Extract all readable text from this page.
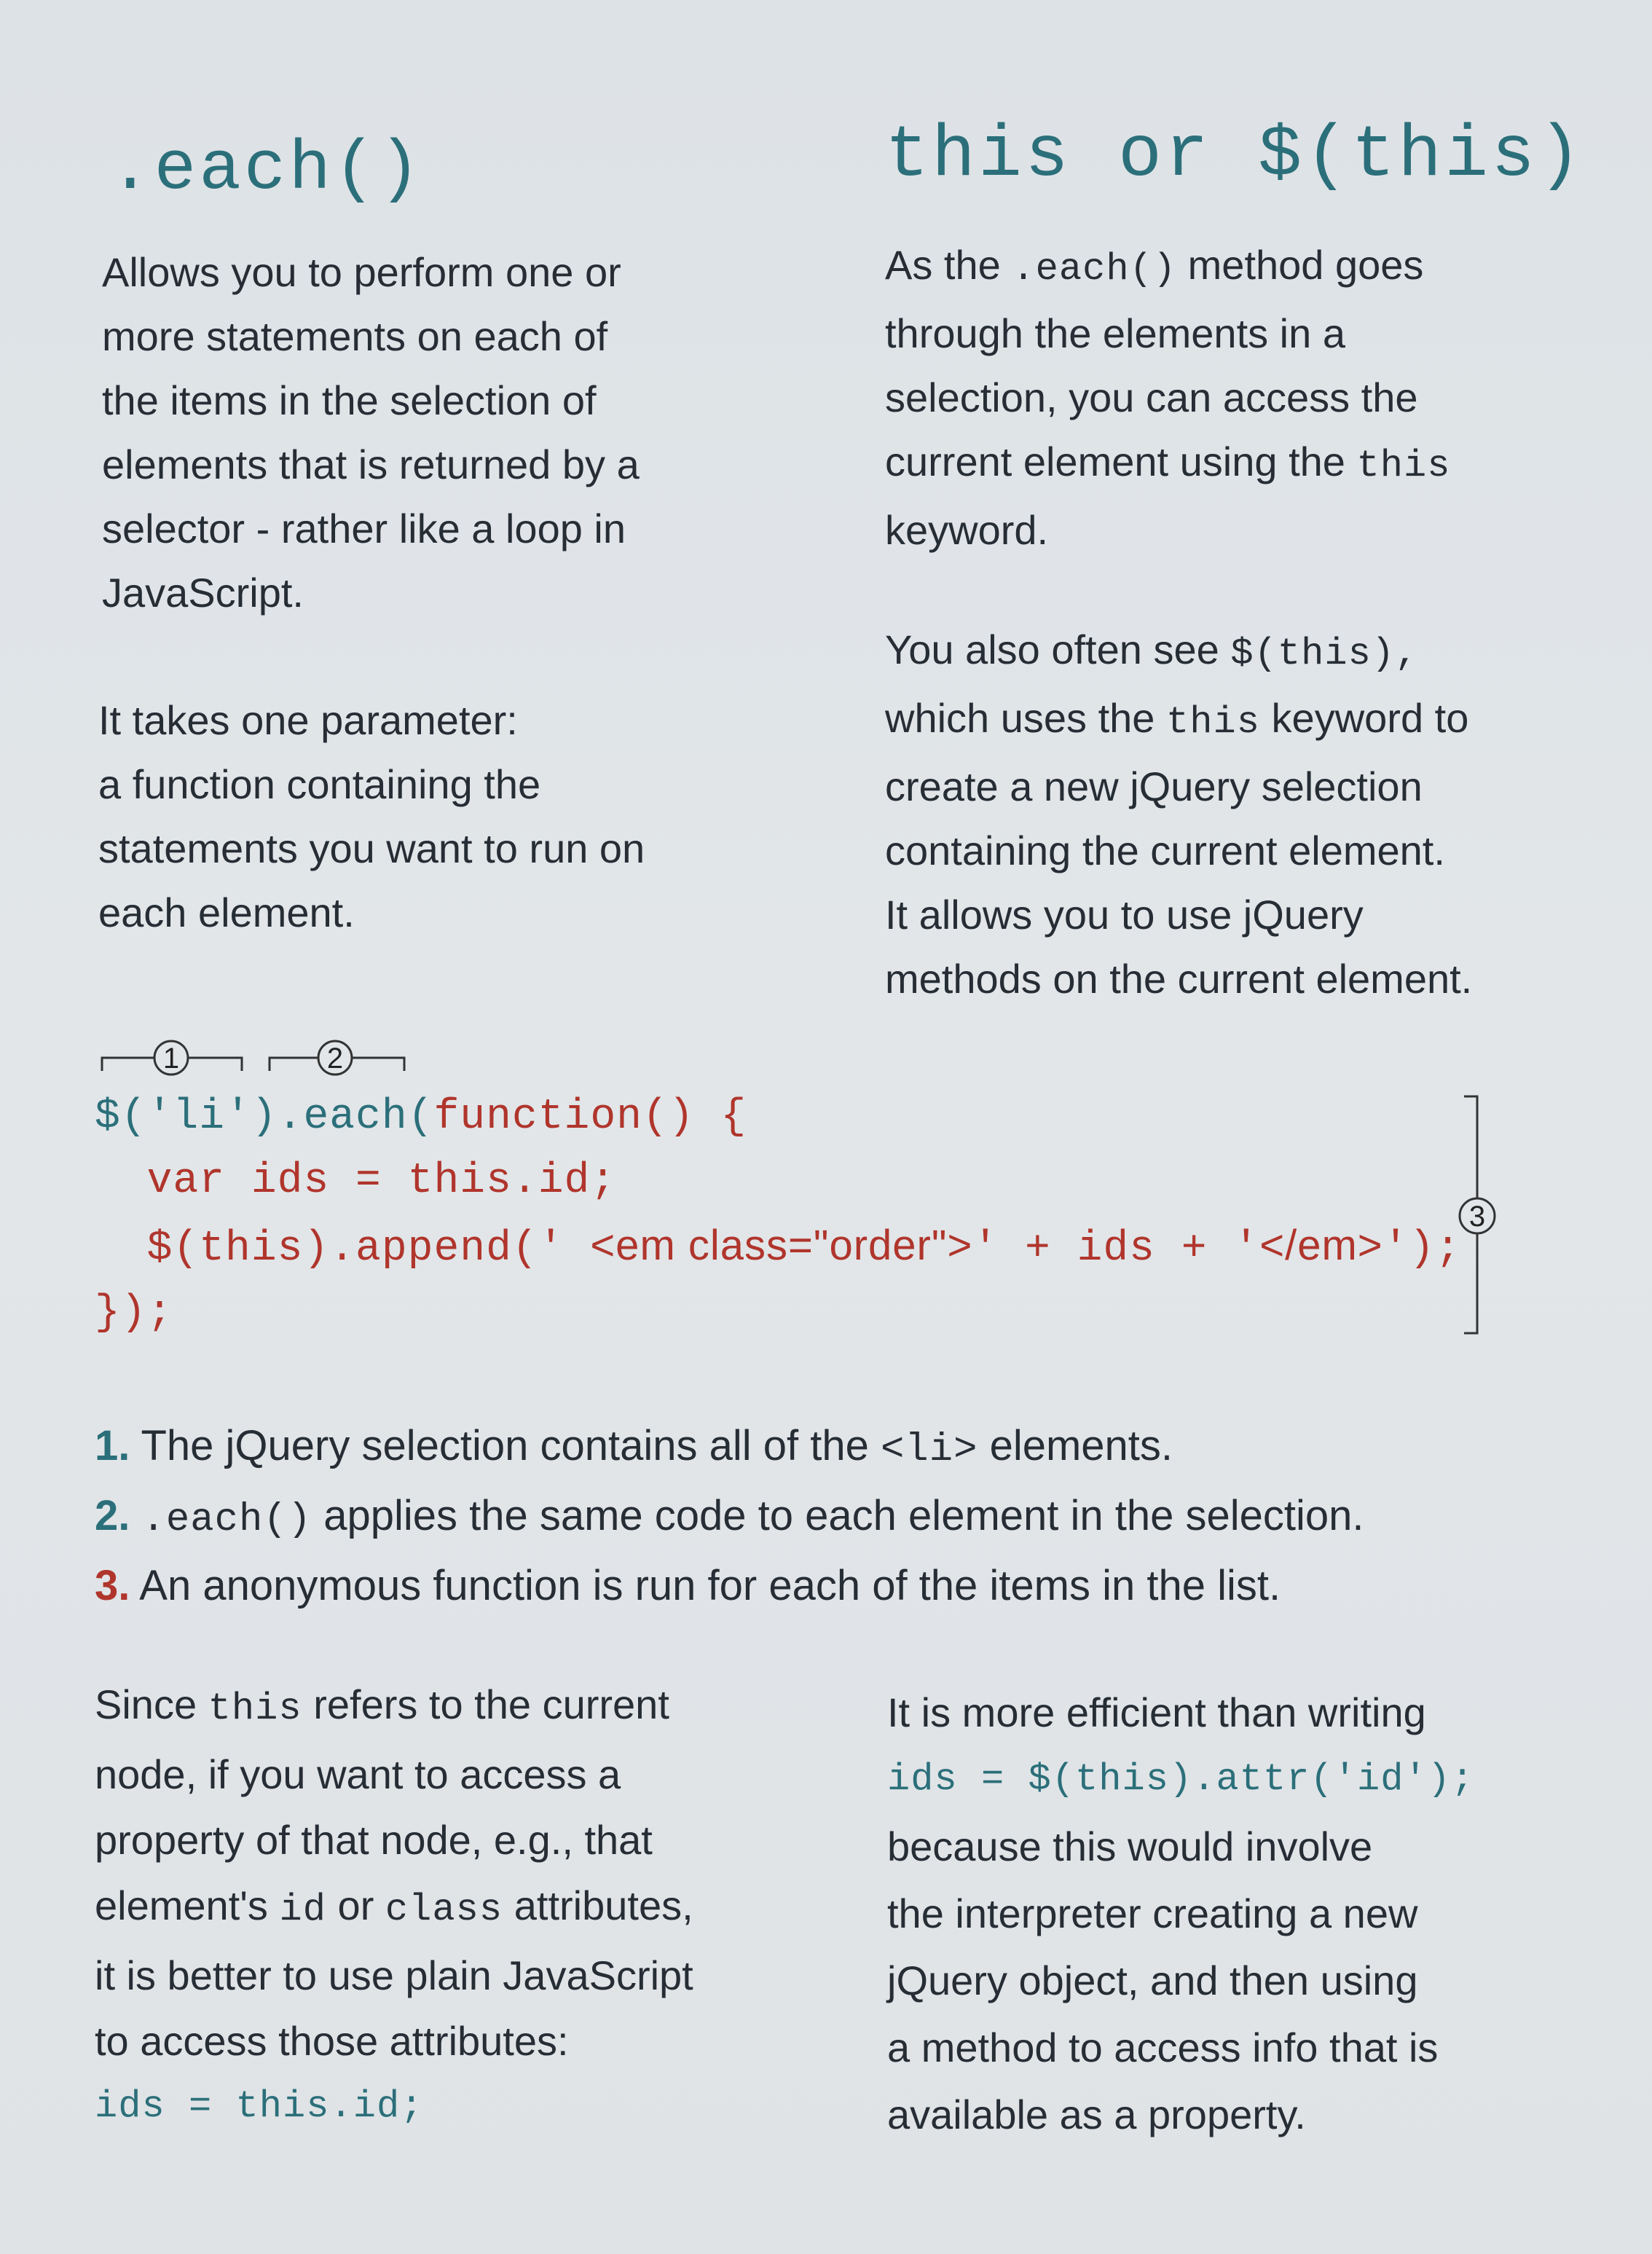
.each()	this or $(this)
Allows you to perform one or
more statements on each of
the items in the selection of
elements that is returned by a
selector - rather like a loop in
JavaScript.
It takes one parameter:
a function containing the
statements you want to run on
each element.
As the .each() method goes
through the elements in a
selection, you can access the
current element using the this
keyword.
You also often see $(this),
which uses the this keyword to
create a new jQuery selection
containing the current element.
It allows you to use jQuery
methods on the current element.
1	2
3
$('li').each(function() {
var ids = this.id;
$(this).append(' <em class="order">' + ids + '</em>');
});
1. The jQuery selection contains all of the <li> elements.
2. .each() applies the same code to each element in the selection.
3. An anonymous function is run for each of the items in the list.
Since this refers to the current
node, if you want to access a
property of that node, e.g., that
element's id or class attributes,
it is better to use plain JavaScript
to access those attributes:
ids = this.id;
It is more efficient than writing
ids = $(this).attr('id');
because this would involve
the interpreter creating a new
jQuery object, and then using
a method to access info that is
available as a property.
